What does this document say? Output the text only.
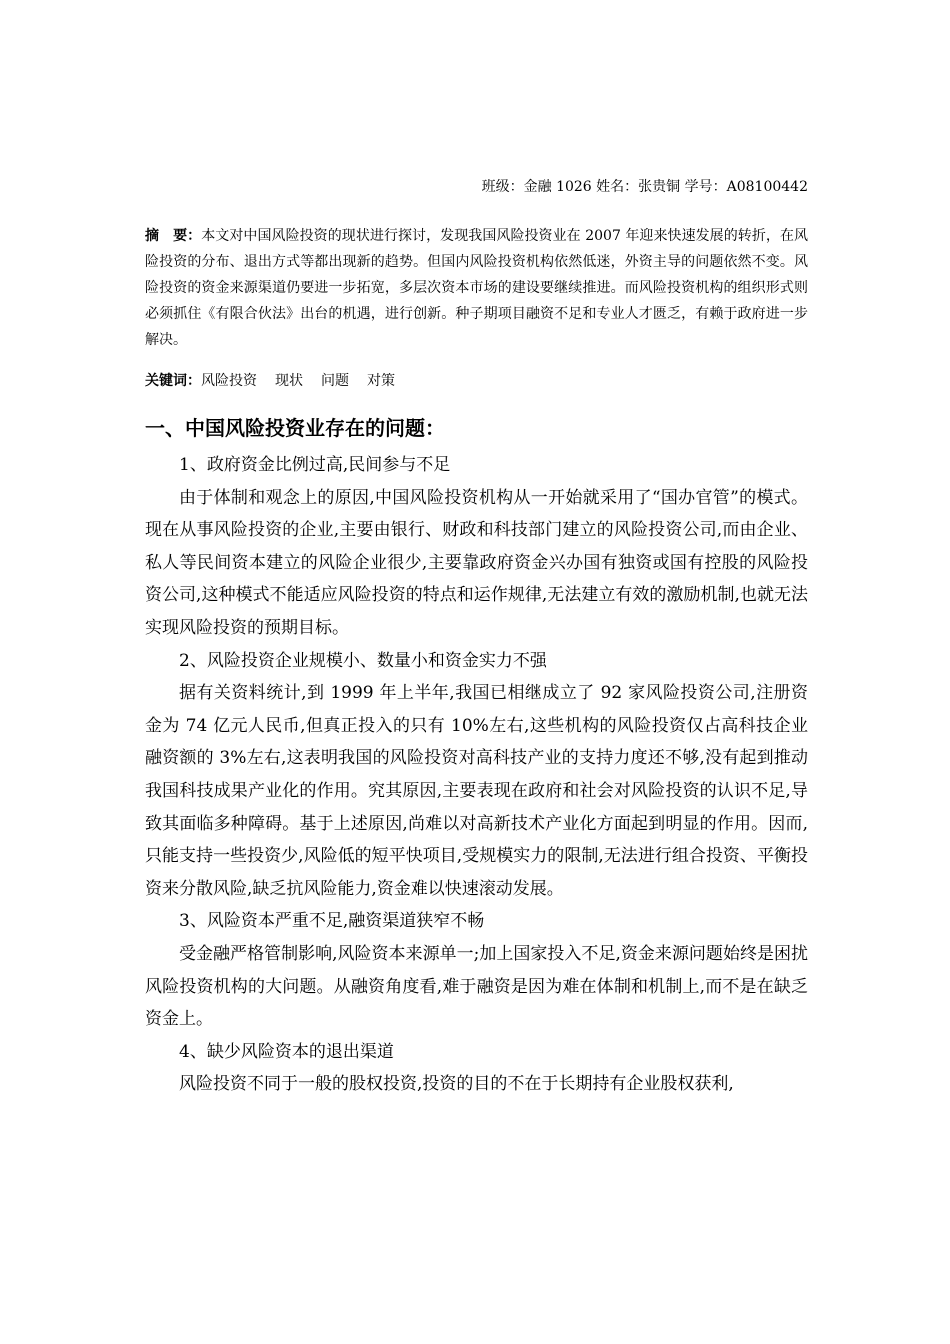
班级：金融 1026 姓名：张贵铜 学号：A08100442
摘　要：本文对中国风险投资的现状进行探讨，发现我国风险投资业在 2007 年迎来快速发展的转折，在风险投资的分布、退出方式等都出现新的趋势。但国内风险投资机构依然低迷，外资主导的问题依然不变。风险投资的资金来源渠道仍要进一步拓宽，多层次资本市场的建设要继续推进。而风险投资机构的组织形式则必须抓住《有限合伙法》出台的机遇，进行创新。种子期项目融资不足和专业人才匮乏，有赖于政府进一步解决。
关键词：风险投资 现状 问题 对策
一、中国风险投资业存在的问题：

1、政府资金比例过高,民间参与不足

由于体制和观念上的原因,中国风险投资机构从一开始就采用了“国办官管”的模式。现在从事风险投资的企业,主要由银行、财政和科技部门建立的风险投资公司,而由企业、私人等民间资本建立的风险企业很少,主要靠政府资金兴办国有独资或国有控股的风险投资公司,这种模式不能适应风险投资的特点和运作规律,无法建立有效的激励机制,也就无法实现风险投资的预期目标。

2、风险投资企业规模小、数量小和资金实力不强

据有关资料统计,到 1999 年上半年,我国已相继成立了 92 家风险投资公司,注册资金为 74 亿元人民币,但真正投入的只有 10%左右,这些机构的风险投资仅占高科技企业融资额的 3%左右,这表明我国的风险投资对高科技产业的支持力度还不够,没有起到推动我国科技成果产业化的作用。究其原因,主要表现在政府和社会对风险投资的认识不足,导致其面临多种障碍。基于上述原因,尚难以对高新技术产业化方面起到明显的作用。因而,只能支持一些投资少,风险低的短平快项目,受规模实力的限制,无法进行组合投资、平衡投资来分散风险,缺乏抗风险能力,资金难以快速滚动发展。

3、风险资本严重不足,融资渠道狭窄不畅

受金融严格管制影响,风险资本来源单一;加上国家投入不足,资金来源问题始终是困扰风险投资机构的大问题。从融资角度看,难于融资是因为难在体制和机制上,而不是在缺乏资金上。

4、缺少风险资本的退出渠道

风险投资不同于一般的股权投资,投资的目的不在于长期持有企业股权获利,
